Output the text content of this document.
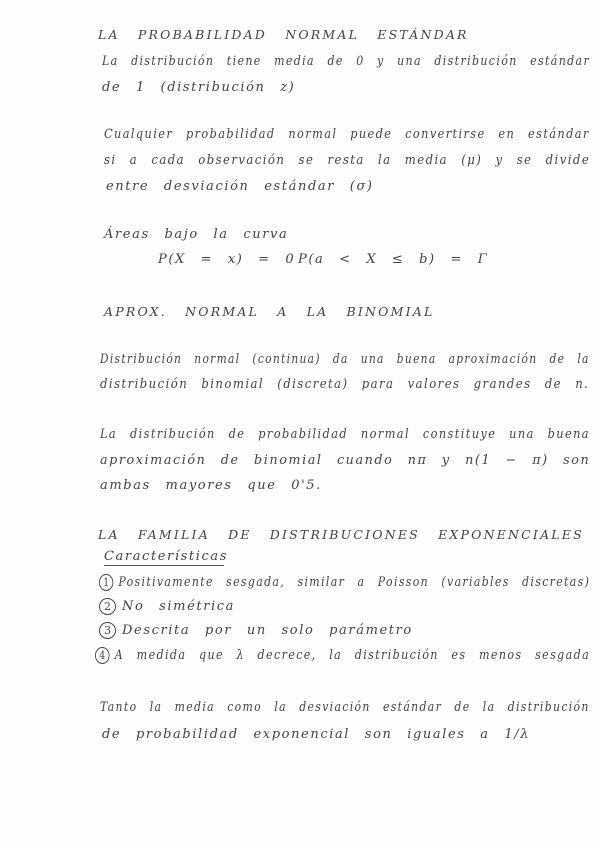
LA PROBABILIDAD NORMAL ESTÁNDAR
La distribución tiene media de 0 y una distribución estándar
de 1 (distribución z)
Cualquier probabilidad normal puede convertirse en estándar
si a cada observación se resta la media (μ) y se divide
entre desviación estándar (σ)
Áreas bajo la curva
P(X = x) = 0 P(a < X ≤ b) = Γ
APROX. NORMAL A LA BINOMIAL
Distribución normal (continua) da una buena aproximación de la
distribución binomial (discreta) para valores grandes de n.
La distribución de probabilidad normal constituye una buena
aproximación de binomial cuando nπ y n(1 − π) son
ambas mayores que 0'5.
LA FAMILIA DE DISTRIBUCIONES EXPONENCIALES
Características
1 Positivamente sesgada, similar a Poisson (variables discretas)
2 No simétrica
3 Descrita por un solo parámetro
4 A medida que λ decrece, la distribución es menos sesgada
Tanto la media como la desviación estándar de la distribución
de probabilidad exponencial son iguales a 1/λ
